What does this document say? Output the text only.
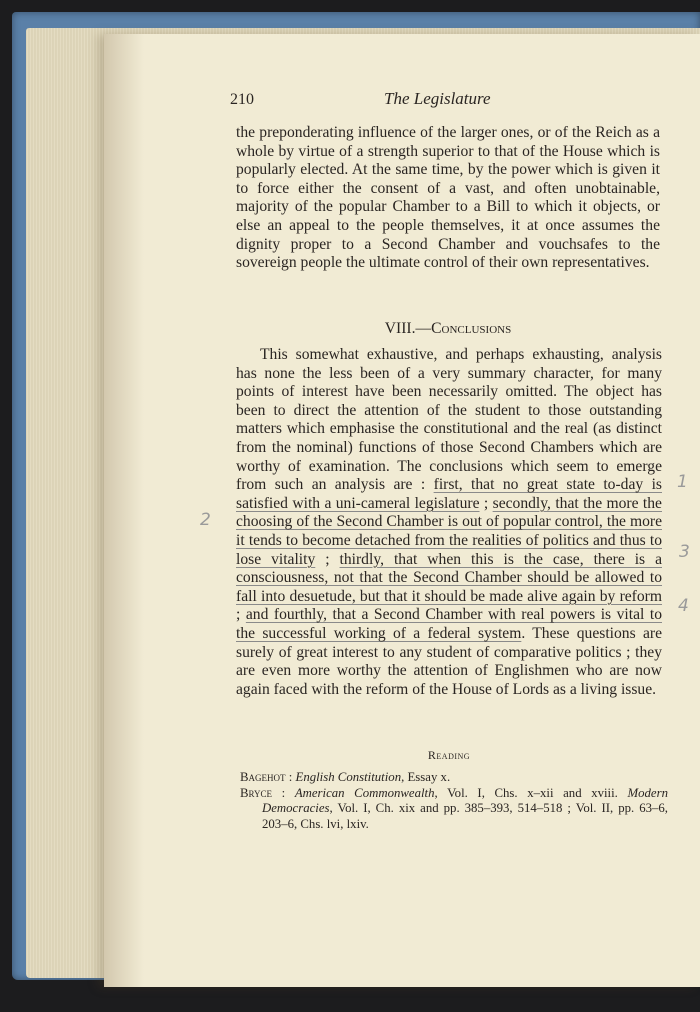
210	The Legislature
the preponderating influence of the larger ones, or of the Reich as a whole by virtue of a strength superior to that of the House which is popularly elected. At the same time, by the power which is given it to force either the consent of a vast, and often unobtainable, majority of the popular Chamber to a Bill to which it objects, or else an appeal to the people themselves, it at once assumes the dignity proper to a Second Chamber and vouchsafes to the sovereign people the ultimate control of their own representatives.
VIII.—Conclusions
This somewhat exhaustive, and perhaps exhausting, analysis has none the less been of a very summary character, for many points of interest have been necessarily omitted. The object has been to direct the attention of the student to those outstanding matters which emphasise the constitutional and the real (as distinct from the nominal) functions of those Second Chambers which are worthy of examination. The conclusions which seem to emerge from such an analysis are : first, that no great state to-day is satisfied with a uni-cameral legislature ; secondly, that the more the choosing of the Second Chamber is out of popular control, the more it tends to become detached from the realities of politics and thus to lose vitality ; thirdly, that when this is the case, there is a consciousness, not that the Second Chamber should be allowed to fall into desuetude, but that it should be made alive again by reform ; and fourthly, that a Second Chamber with real powers is vital to the successful working of a federal system. These questions are surely of great interest to any student of comparative politics ; they are even more worthy the attention of Englishmen who are now again faced with the reform of the House of Lords as a living issue.
Reading
Bagehot : English Constitution, Essay x.
Bryce : American Commonwealth, Vol. I, Chs. x–xii and xviii. Modern Democracies, Vol. I, Ch. xix and pp. 385–393, 514–518 ; Vol. II, pp. 63–6, 203–6, Chs. lvi, lxiv.
1
2
3
4
